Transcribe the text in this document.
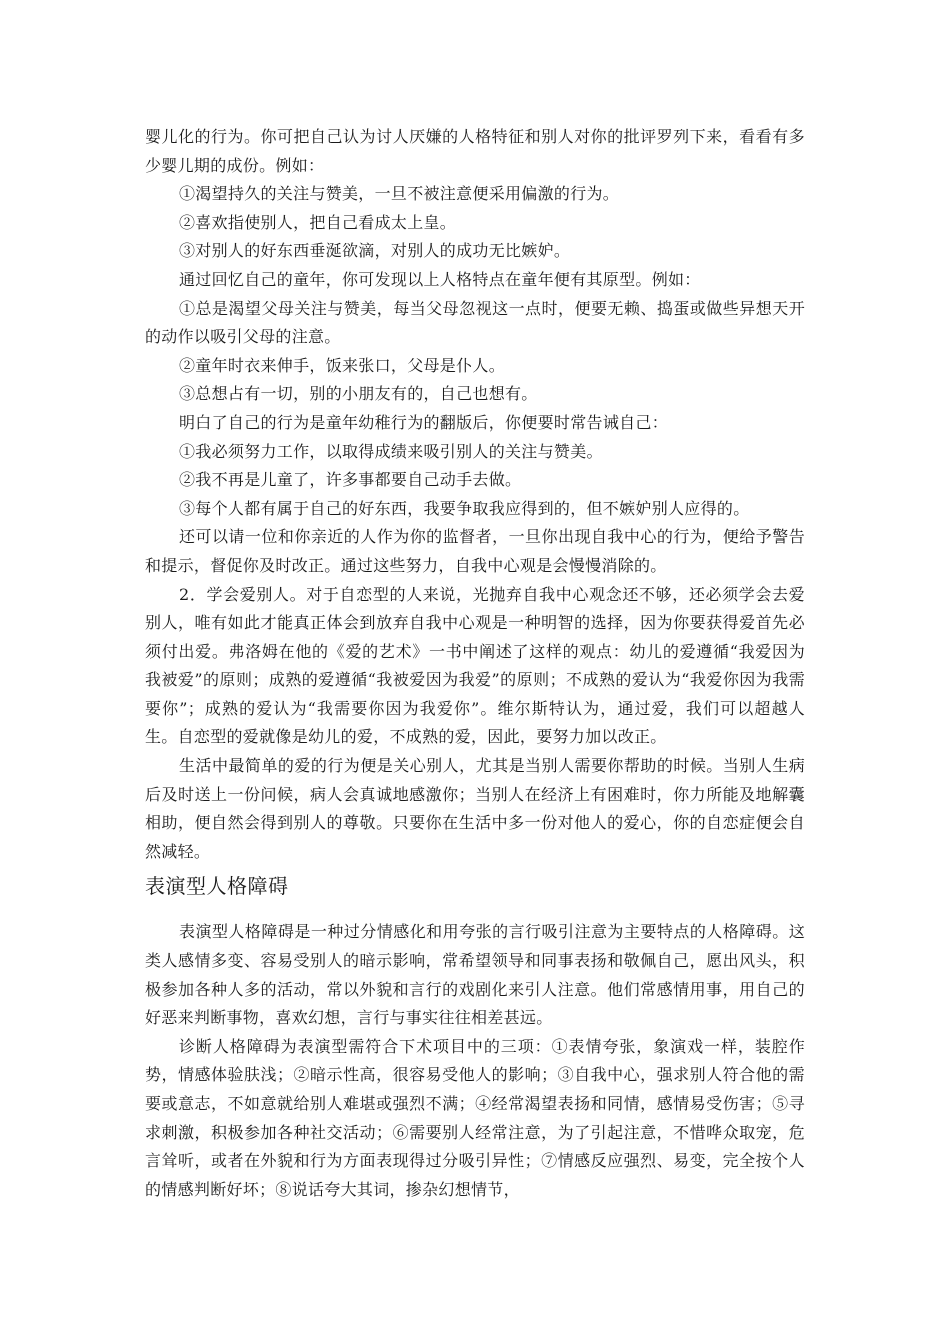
婴儿化的行为。你可把自己认为讨人厌嫌的人格特征和别人对你的批评罗列下来，看看有多少婴儿期的成份。例如：

①渴望持久的关注与赞美，一旦不被注意便采用偏激的行为。

②喜欢指使别人，把自己看成太上皇。

③对别人的好东西垂涎欲滴，对别人的成功无比嫉妒。

通过回忆自己的童年，你可发现以上人格特点在童年便有其原型。例如：

①总是渴望父母关注与赞美，每当父母忽视这一点时，便要无赖、捣蛋或做些异想天开的动作以吸引父母的注意。

②童年时衣来伸手，饭来张口，父母是仆人。

③总想占有一切，别的小朋友有的，自己也想有。

明白了自己的行为是童年幼稚行为的翻版后，你便要时常告诫自己：

①我必须努力工作，以取得成绩来吸引别人的关注与赞美。

②我不再是儿童了，许多事都要自己动手去做。

③每个人都有属于自己的好东西，我要争取我应得到的，但不嫉妒别人应得的。

还可以请一位和你亲近的人作为你的监督者，一旦你出现自我中心的行为，便给予警告和提示，督促你及时改正。通过这些努力，自我中心观是会慢慢消除的。

2．学会爱别人。对于自恋型的人来说，光抛弃自我中心观念还不够，还必须学会去爱别人，唯有如此才能真正体会到放弃自我中心观是一种明智的选择，因为你要获得爱首先必须付出爱。弗洛姆在他的《爱的艺术》一书中阐述了这样的观点：幼儿的爱遵循“我爱因为我被爱”的原则；成熟的爱遵循“我被爱因为我爱”的原则；不成熟的爱认为“我爱你因为我需要你”；成熟的爱认为“我需要你因为我爱你”。维尔斯特认为，通过爱，我们可以超越人生。自恋型的爱就像是幼儿的爱，不成熟的爱，因此，要努力加以改正。

生活中最简单的爱的行为便是关心别人，尤其是当别人需要你帮助的时候。当别人生病后及时送上一份问候，病人会真诚地感激你；当别人在经济上有困难时，你力所能及地解囊相助，便自然会得到别人的尊敬。只要你在生活中多一份对他人的爱心，你的自恋症便会自然减轻。

表演型人格障碍

表演型人格障碍是一种过分情感化和用夸张的言行吸引注意为主要特点的人格障碍。这类人感情多变、容易受别人的暗示影响，常希望领导和同事表扬和敬佩自己，愿出风头，积极参加各种人多的活动，常以外貌和言行的戏剧化来引人注意。他们常感情用事，用自己的好恶来判断事物，喜欢幻想，言行与事实往往相差甚远。

诊断人格障碍为表演型需符合下术项目中的三项：①表情夸张，象演戏一样，装腔作势，情感体验肤浅；②暗示性高，很容易受他人的影响；③自我中心，强求别人符合他的需要或意志，不如意就给别人难堪或强烈不满；④经常渴望表扬和同情，感情易受伤害；⑤寻求刺激，积极参加各种社交活动；⑥需要别人经常注意，为了引起注意，不惜哗众取宠，危言耸听，或者在外貌和行为方面表现得过分吸引异性；⑦情感反应强烈、易变，完全按个人的情感判断好坏；⑧说话夸大其词，掺杂幻想情节，
